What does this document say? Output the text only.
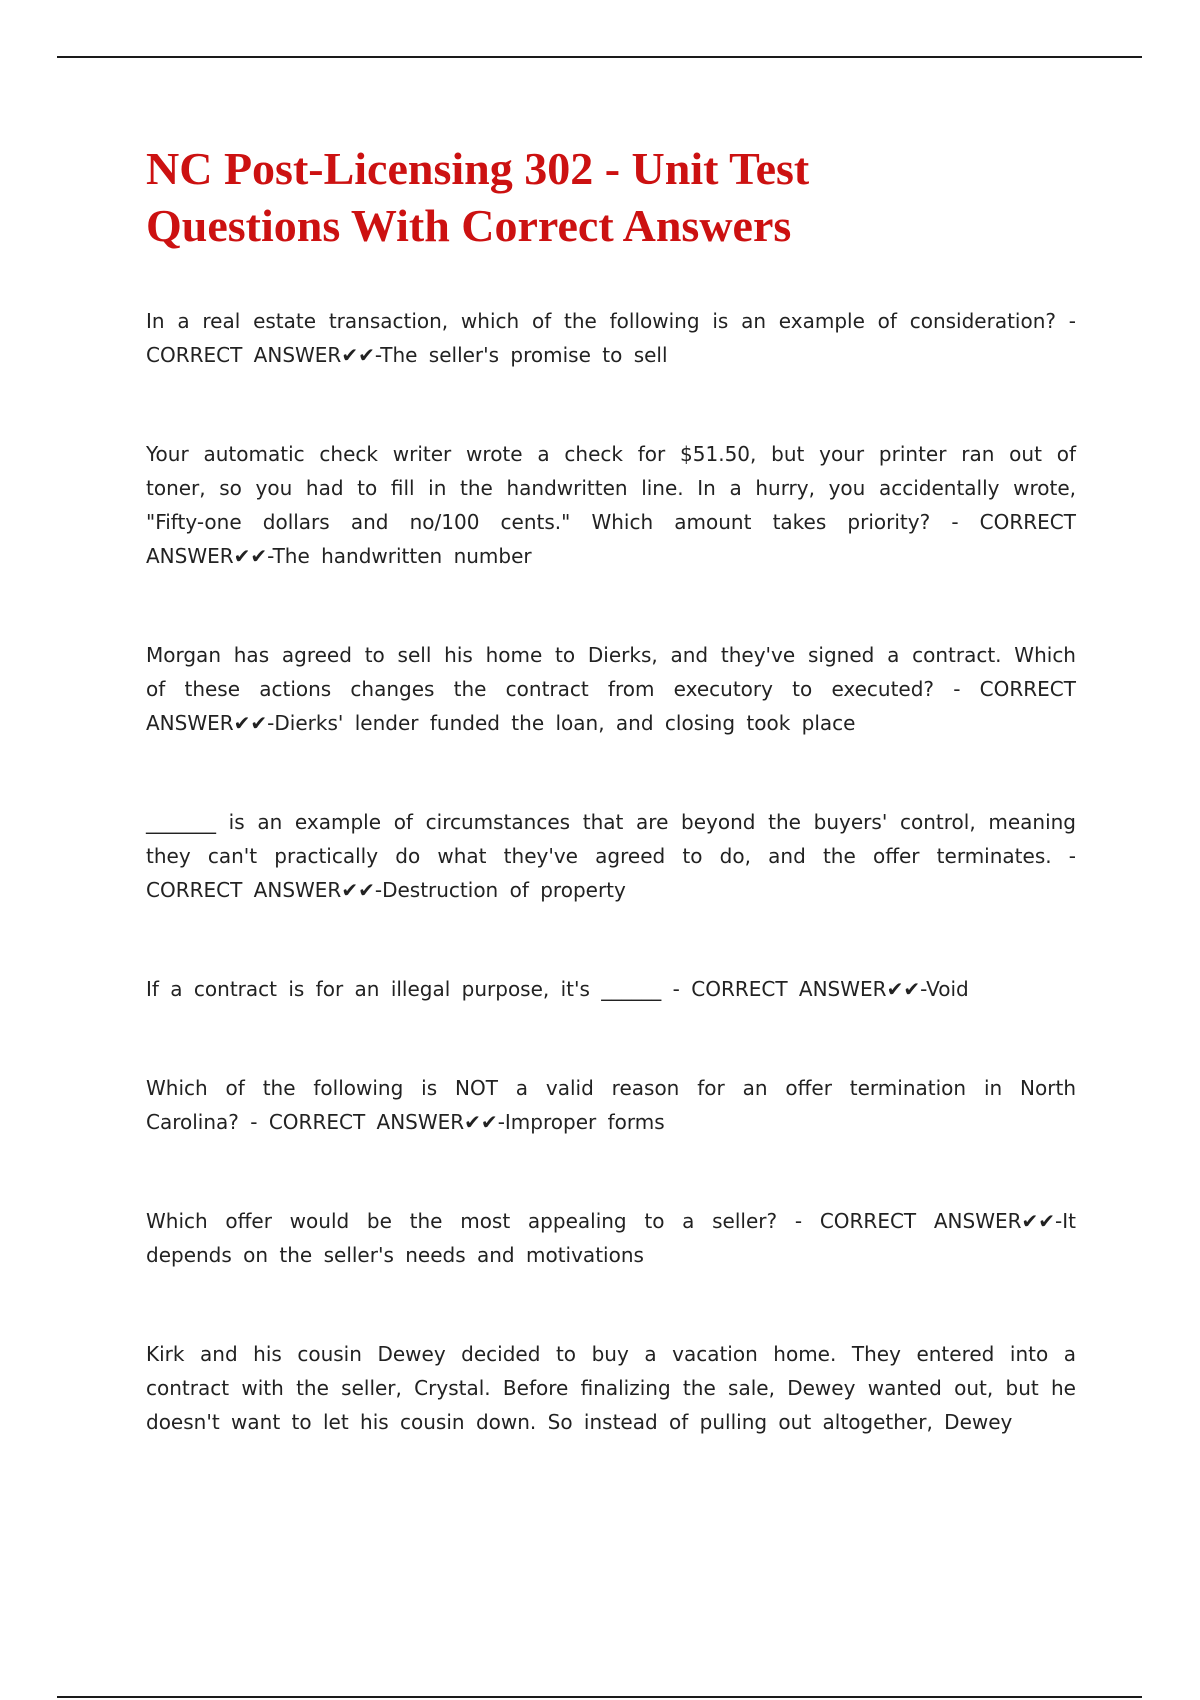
NC Post-Licensing 302 - Unit Test Questions With Correct Answers

In a real estate transaction, which of the following is an example of consideration? - CORRECT ANSWER✔✔-The seller's promise to sell

Your automatic check writer wrote a check for $51.50, but your printer ran out of toner, so you had to fill in the handwritten line. In a hurry, you accidentally wrote, "Fifty-one dollars and no/100 cents." Which amount takes priority? - CORRECT ANSWER✔✔-The handwritten number

Morgan has agreed to sell his home to Dierks, and they've signed a contract. Which of these actions changes the contract from executory to executed? - CORRECT ANSWER✔✔-Dierks' lender funded the loan, and closing took place

_______ is an example of circumstances that are beyond the buyers' control, meaning they can't practically do what they've agreed to do, and the offer terminates. - CORRECT ANSWER✔✔-Destruction of property

If a contract is for an illegal purpose, it's ______ - CORRECT ANSWER✔✔-Void

Which of the following is NOT a valid reason for an offer termination in North Carolina? - CORRECT ANSWER✔✔-Improper forms

Which offer would be the most appealing to a seller? - CORRECT ANSWER✔✔-It depends on the seller's needs and motivations

Kirk and his cousin Dewey decided to buy a vacation home. They entered into a contract with the seller, Crystal. Before finalizing the sale, Dewey wanted out, but he doesn't want to let his cousin down. So instead of pulling out altogether, Dewey
